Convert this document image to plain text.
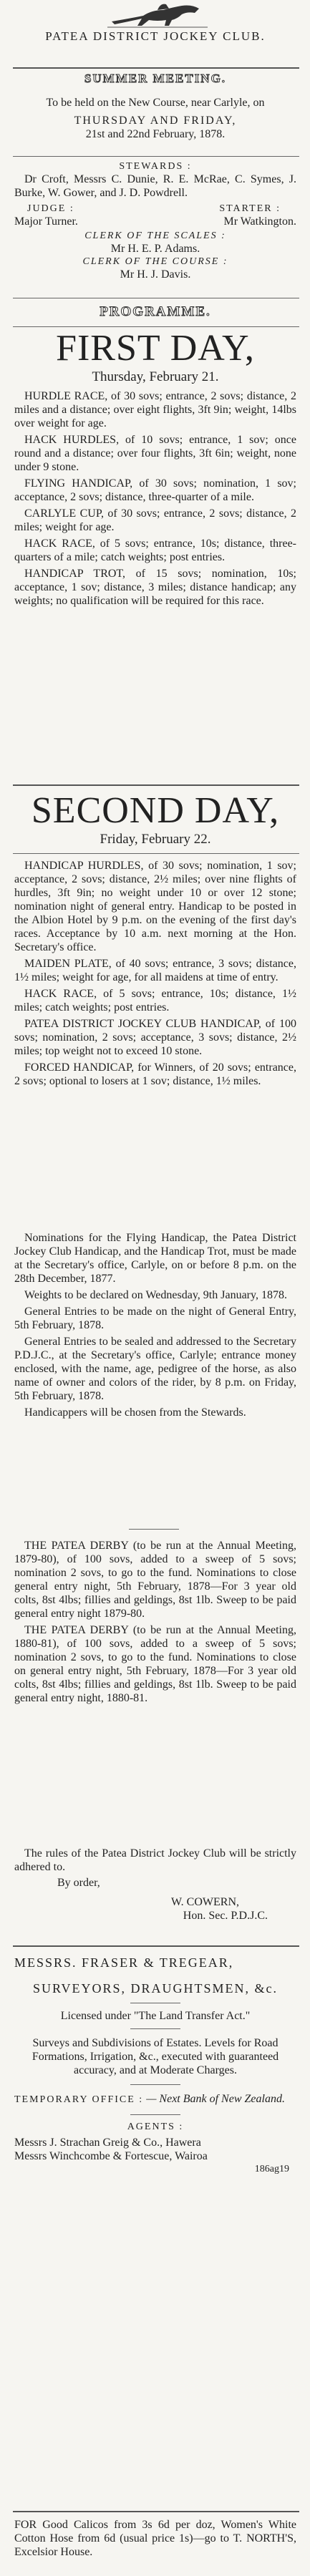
PATEA DISTRICT JOCKEY CLUB.
SUMMER MEETING.
To be held on the New Course, near Carlyle, on
THURSDAY AND FRIDAY,
21st and 22nd February, 1878.
STEWARDS :
Dr Croft, Messrs C. Dunie, R. E. McRae, C. Symes, J. Burke, W. Gower, and J. D. Powdrell.
JUDGE :	STARTER :
Major Turner.	Mr Watkington.
CLERK OF THE SCALES :
Mr H. E. P. Adams.
CLERK OF THE COURSE :
Mr H. J. Davis.
PROGRAMME.
FIRST DAY,
Thursday, February 21.

HURDLE RACE, of 30 sovs; entrance, 2 sovs; distance, 2 miles and a distance; over eight flights, 3ft 9in; weight, 14lbs over weight for age.

HACK HURDLES, of 10 sovs; entrance, 1 sov; once round and a distance; over four flights, 3ft 6in; weight, none under 9 stone.

FLYING HANDICAP, of 30 sovs; nomination, 1 sov; acceptance, 2 sovs; distance, three-quarter of a mile.

CARLYLE CUP, of 30 sovs; entrance, 2 sovs; distance, 2 miles; weight for age.

HACK RACE, of 5 sovs; entrance, 10s; distance, three-quarters of a mile; catch weights; post entries.

HANDICAP TROT, of 15 sovs; nomination, 10s; acceptance, 1 sov; distance, 3 miles; distance handicap; any weights; no qualification will be required for this race.

SECOND DAY,
Friday, February 22.

HANDICAP HURDLES, of 30 sovs; nomination, 1 sov; acceptance, 2 sovs; distance, 2½ miles; over nine flights of hurdles, 3ft 9in; no weight under 10 or over 12 stone; nomination night of general entry. Handicap to be posted in the Albion Hotel by 9 p.m. on the evening of the first day's races. Acceptance by 10 a.m. next morning at the Hon. Secretary's office.

MAIDEN PLATE, of 40 sovs; entrance, 3 sovs; distance, 1½ miles; weight for age, for all maidens at time of entry.

HACK RACE, of 5 sovs; entrance, 10s; distance, 1½ miles; catch weights; post entries.

PATEA DISTRICT JOCKEY CLUB HANDICAP, of 100 sovs; nomination, 2 sovs; acceptance, 3 sovs; distance, 2½ miles; top weight not to exceed 10 stone.

FORCED HANDICAP, for Winners, of 20 sovs; entrance, 2 sovs; optional to losers at 1 sov; distance, 1½ miles.

Nominations for the Flying Handicap, the Patea District Jockey Club Handicap, and the Handicap Trot, must be made at the Secretary's office, Carlyle, on or before 8 p.m. on the 28th December, 1877.

Weights to be declared on Wednesday, 9th January, 1878.

General Entries to be made on the night of General Entry, 5th February, 1878.

General Entries to be sealed and addressed to the Secretary P.D.J.C., at the Secretary's office, Carlyle; entrance money enclosed, with the name, age, pedigree of the horse, as also name of owner and colors of the rider, by 8 p.m. on Friday, 5th February, 1878.

Handicappers will be chosen from the Stewards.

THE PATEA DERBY (to be run at the Annual Meeting, 1879-80), of 100 sovs, added to a sweep of 5 sovs; nomination 2 sovs, to go to the fund. Nominations to close general entry night, 5th February, 1878—For 3 year old colts, 8st 4lbs; fillies and geldings, 8st 1lb. Sweep to be paid general entry night 1879-80.

THE PATEA DERBY (to be run at the Annual Meeting, 1880-81), of 100 sovs, added to a sweep of 5 sovs; nomination 2 sovs, to go to the fund. Nominations to close on general entry night, 5th February, 1878—For 3 year old colts, 8st 4lbs; fillies and geldings, 8st 1lb. Sweep to be paid general entry night, 1880-81.

The rules of the Patea District Jockey Club will be strictly adhered to.

By order,
W. COWERN,
Hon. Sec. P.D.J.C.
MESSRS. FRASER & TREGEAR,
SURVEYORS, DRAUGHTSMEN, &c.
Licensed under "The Land Transfer Act."
Surveys and Subdivisions of Estates. Levels for Road Formations, Irrigation, &c., executed with guaranteed accuracy, and at Moderate Charges.
TEMPORARY OFFICE : — Next Bank of New Zealand.
AGENTS :
Messrs J. Strachan Greig & Co., Hawera
Messrs Winchcombe & Fortescue, Wairoa
186ag19

FOR Good Calicos from 3s 6d per doz, Women's White Cotton Hose from 6d (usual price 1s)—go to T. NORTH'S, Excelsior House.
